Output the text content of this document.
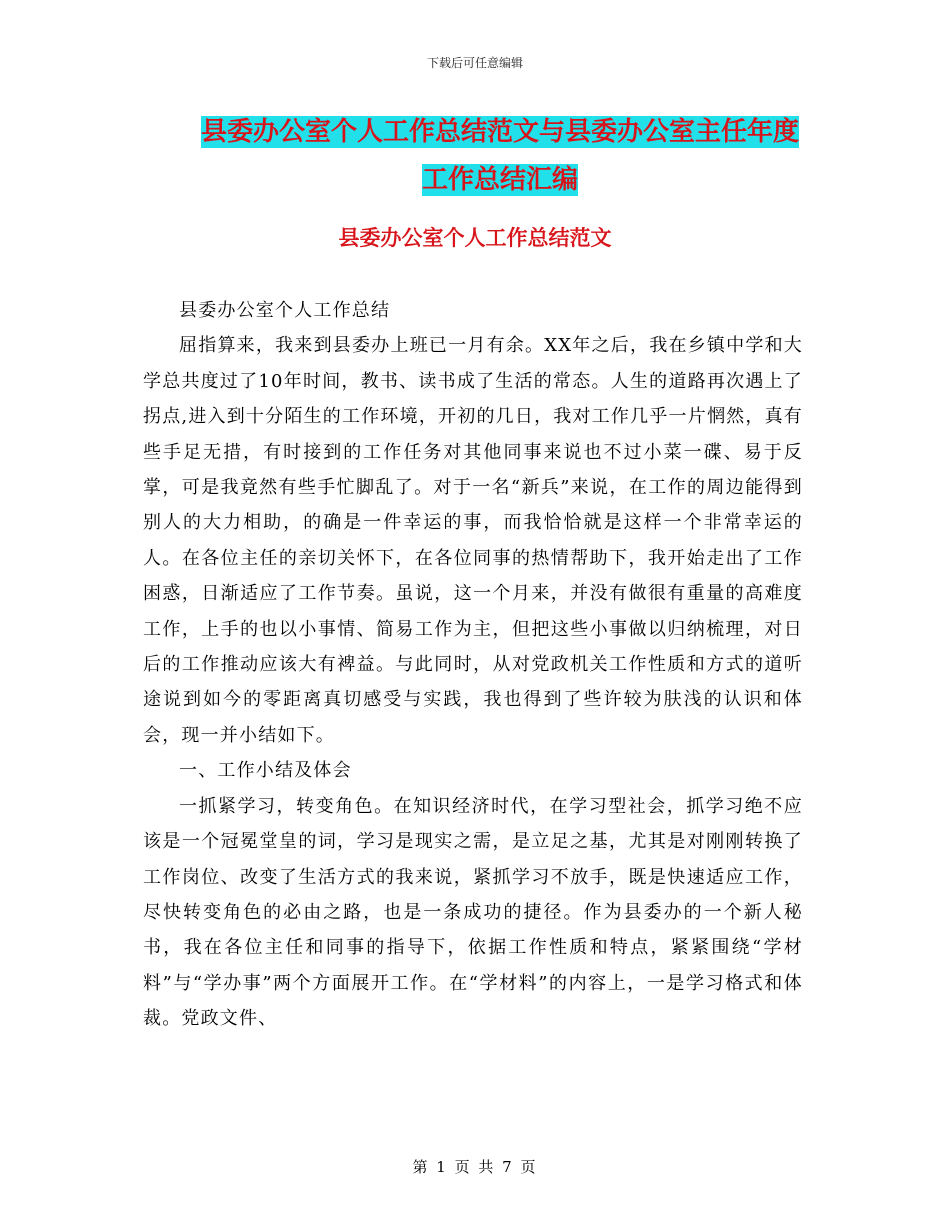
下载后可任意编辑
县委办公室个人工作总结范文与县委办公室主任年度
工作总结汇编
县委办公室个人工作总结范文

县委办公室个人工作总结

屈指算来，我来到县委办上班已一月有余。XX年之后，我在乡镇中学和大学总共度过了10年时间，教书、读书成了生活的常态。人生的道路再次遇上了拐点,进入到十分陌生的工作环境，开初的几日，我对工作几乎一片惘然，真有些手足无措，有时接到的工作任务对其他同事来说也不过小菜一碟、易于反掌，可是我竟然有些手忙脚乱了。对于一名“新兵”来说，在工作的周边能得到别人的大力相助，的确是一件幸运的事，而我恰恰就是这样一个非常幸运的人。在各位主任的亲切关怀下，在各位同事的热情帮助下，我开始走出了工作困惑，日渐适应了工作节奏。虽说，这一个月来，并没有做很有重量的高难度工作，上手的也以小事情、简易工作为主，但把这些小事做以归纳梳理，对日后的工作推动应该大有裨益。与此同时，从对党政机关工作性质和方式的道听途说到如今的零距离真切感受与实践，我也得到了些许较为肤浅的认识和体会，现一并小结如下。

一、工作小结及体会

一抓紧学习，转变角色。在知识经济时代，在学习型社会，抓学习绝不应该是一个冠冕堂皇的词，学习是现实之需，是立足之基，尤其是对刚刚转换了工作岗位、改变了生活方式的我来说，紧抓学习不放手，既是快速适应工作，尽快转变角色的必由之路，也是一条成功的捷径。作为县委办的一个新人秘书，我在各位主任和同事的指导下，依据工作性质和特点，紧紧围绕“学材料”与“学办事”两个方面展开工作。在“学材料”的内容上，一是学习格式和体裁。党政文件、

第 1 页 共 7 页
